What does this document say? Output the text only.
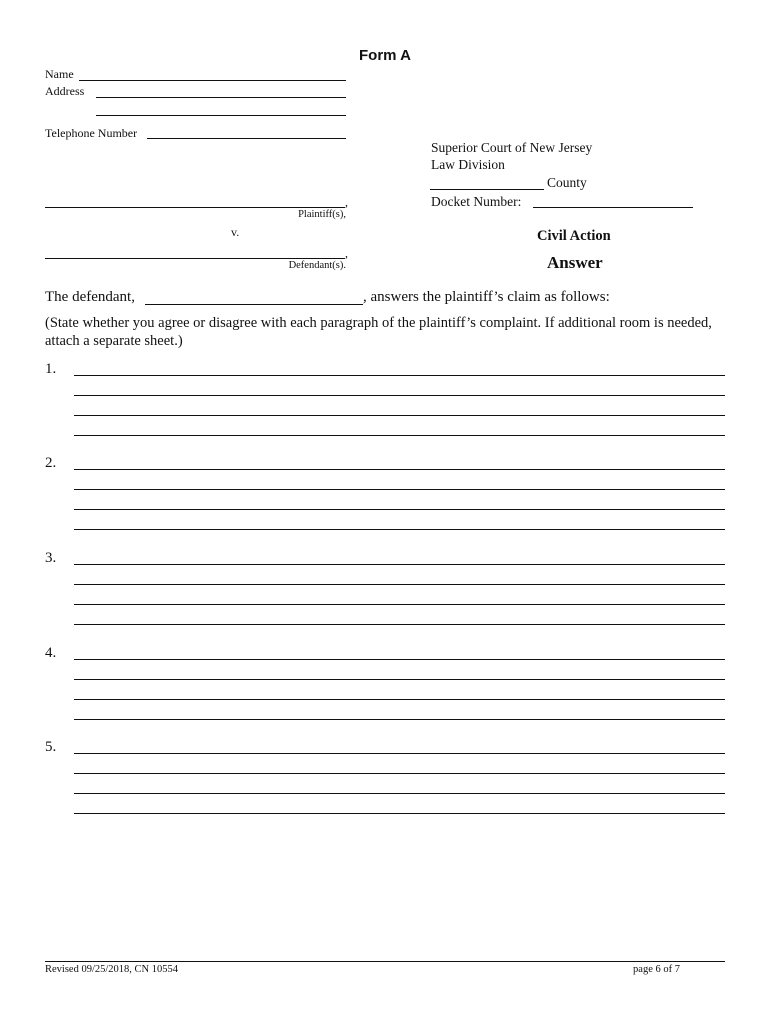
Form A
Name
Address
Telephone Number
Superior Court of New Jersey
Law Division
County
Docket Number:
,
Plaintiff(s),
v.
,
Defendant(s).
Civil Action
Answer
The defendant,	, answers the plaintiff’s claim as follows:
(State whether you agree or disagree with each paragraph of the plaintiff’s complaint. If additional room is needed, attach a separate sheet.)
1.
2.
3.
4.
5.
Revised 09/25/2018, CN 10554	page 6 of 7
